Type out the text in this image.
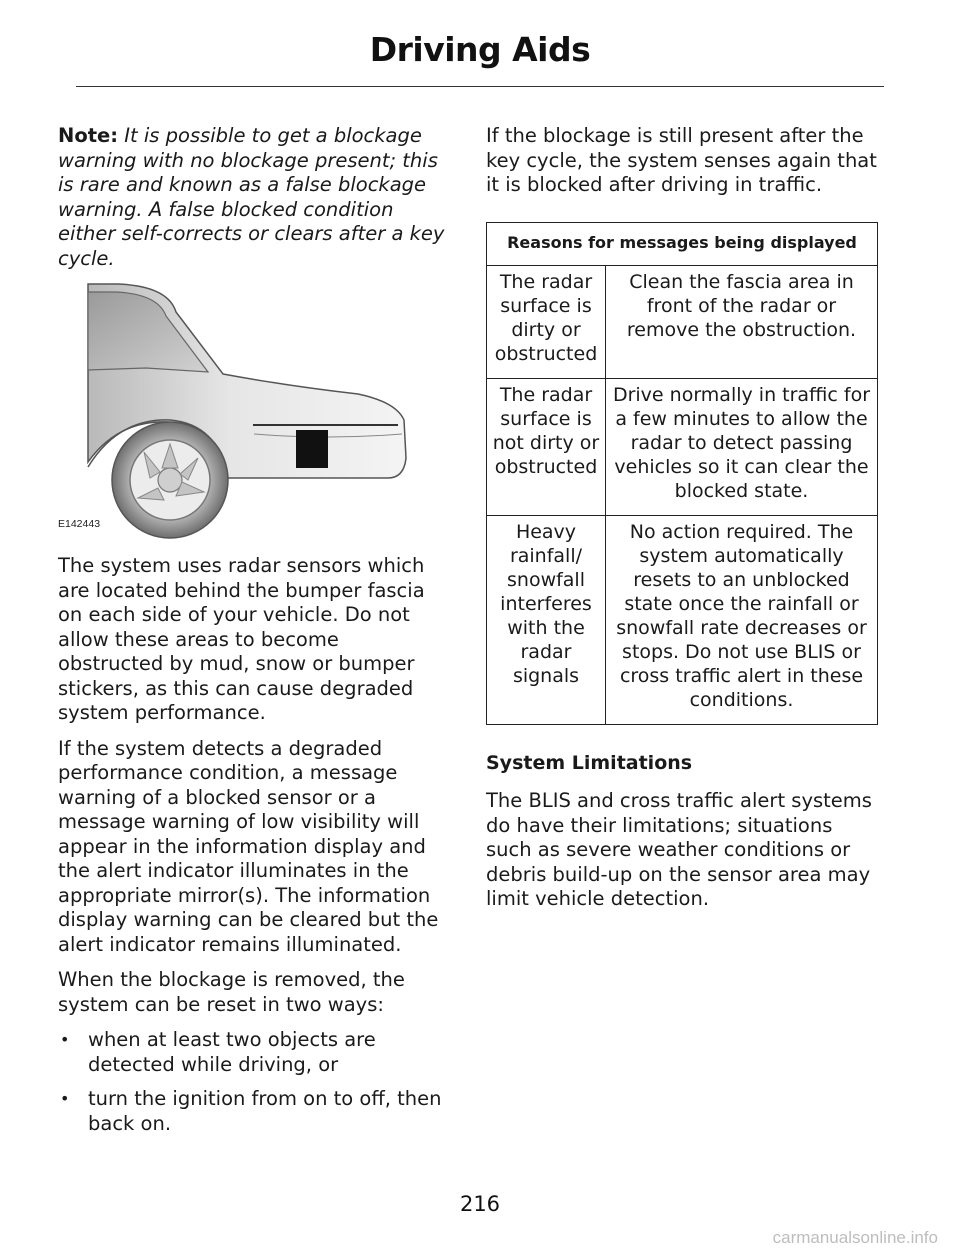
Driving Aids

Note: It is possible to get a blockage warning with no blockage present; this is rare and known as a false blockage warning. A false blocked condition either self-corrects or clears after a key cycle.

E142443

The system uses radar sensors which are located behind the bumper fascia on each side of your vehicle. Do not allow these areas to become obstructed by mud, snow or bumper stickers, as this can cause degraded system performance.

If the system detects a degraded performance condition, a message warning of a blocked sensor or a message warning of low visibility will appear in the information display and the alert indicator illuminates in the appropriate mirror(s). The information display warning can be cleared but the alert indicator remains illuminated.

When the blockage is removed, the system can be reset in two ways:

• when at least two objects are detected while driving, or
• turn the ignition from on to off, then back on.

If the blockage is still present after the key cycle, the system senses again that it is blocked after driving in traffic.

Reasons for messages being displayed	
The radar surface is dirty or obstructed	Clean the fascia area in front of the radar or remove the obstruction.
The radar surface is not dirty or obstructed	Drive normally in traffic for a few minutes to allow the radar to detect passing vehicles so it can clear the blocked state.
Heavy rainfall/ snowfall interferes with the radar signals	No action required. The system automatically resets to an unblocked state once the rainfall or snowfall rate decreases or stops. Do not use BLIS or cross traffic alert in these conditions.
System Limitations

The BLIS and cross traffic alert systems do have their limitations; situations such as severe weather conditions or debris build-up on the sensor area may limit vehicle detection.

216
carmanualsonline.info
